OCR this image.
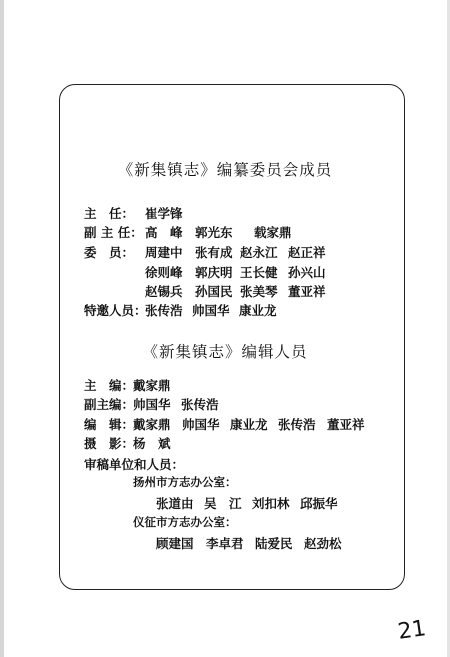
《新集镇志》编纂委员会成员
主　任： 崔学锋
副 主 任： 高　峰 郭光东 载家鼎
委　员： 周建中 张有成 赵永江 赵正祥
徐则峰 郭庆明 王长健 孙兴山
赵锡兵 孙国民 张美琴 董亚祥
特邀人员：
张传浩 帅国华 康业龙
《新集镇志》编辑人员
主　编：
戴家鼎
副主编：
帅国华 张传浩
编　辑：
戴家鼎 帅国华 康业龙 张传浩 董亚祥
摄　影：
杨　斌
审稿单位和人员：
扬州市方志办公室：
张道由 吴　江 刘扣林 邱振华
仪征市方志办公室：
顾建国 李卓君 陆爱民 赵劲松
21
